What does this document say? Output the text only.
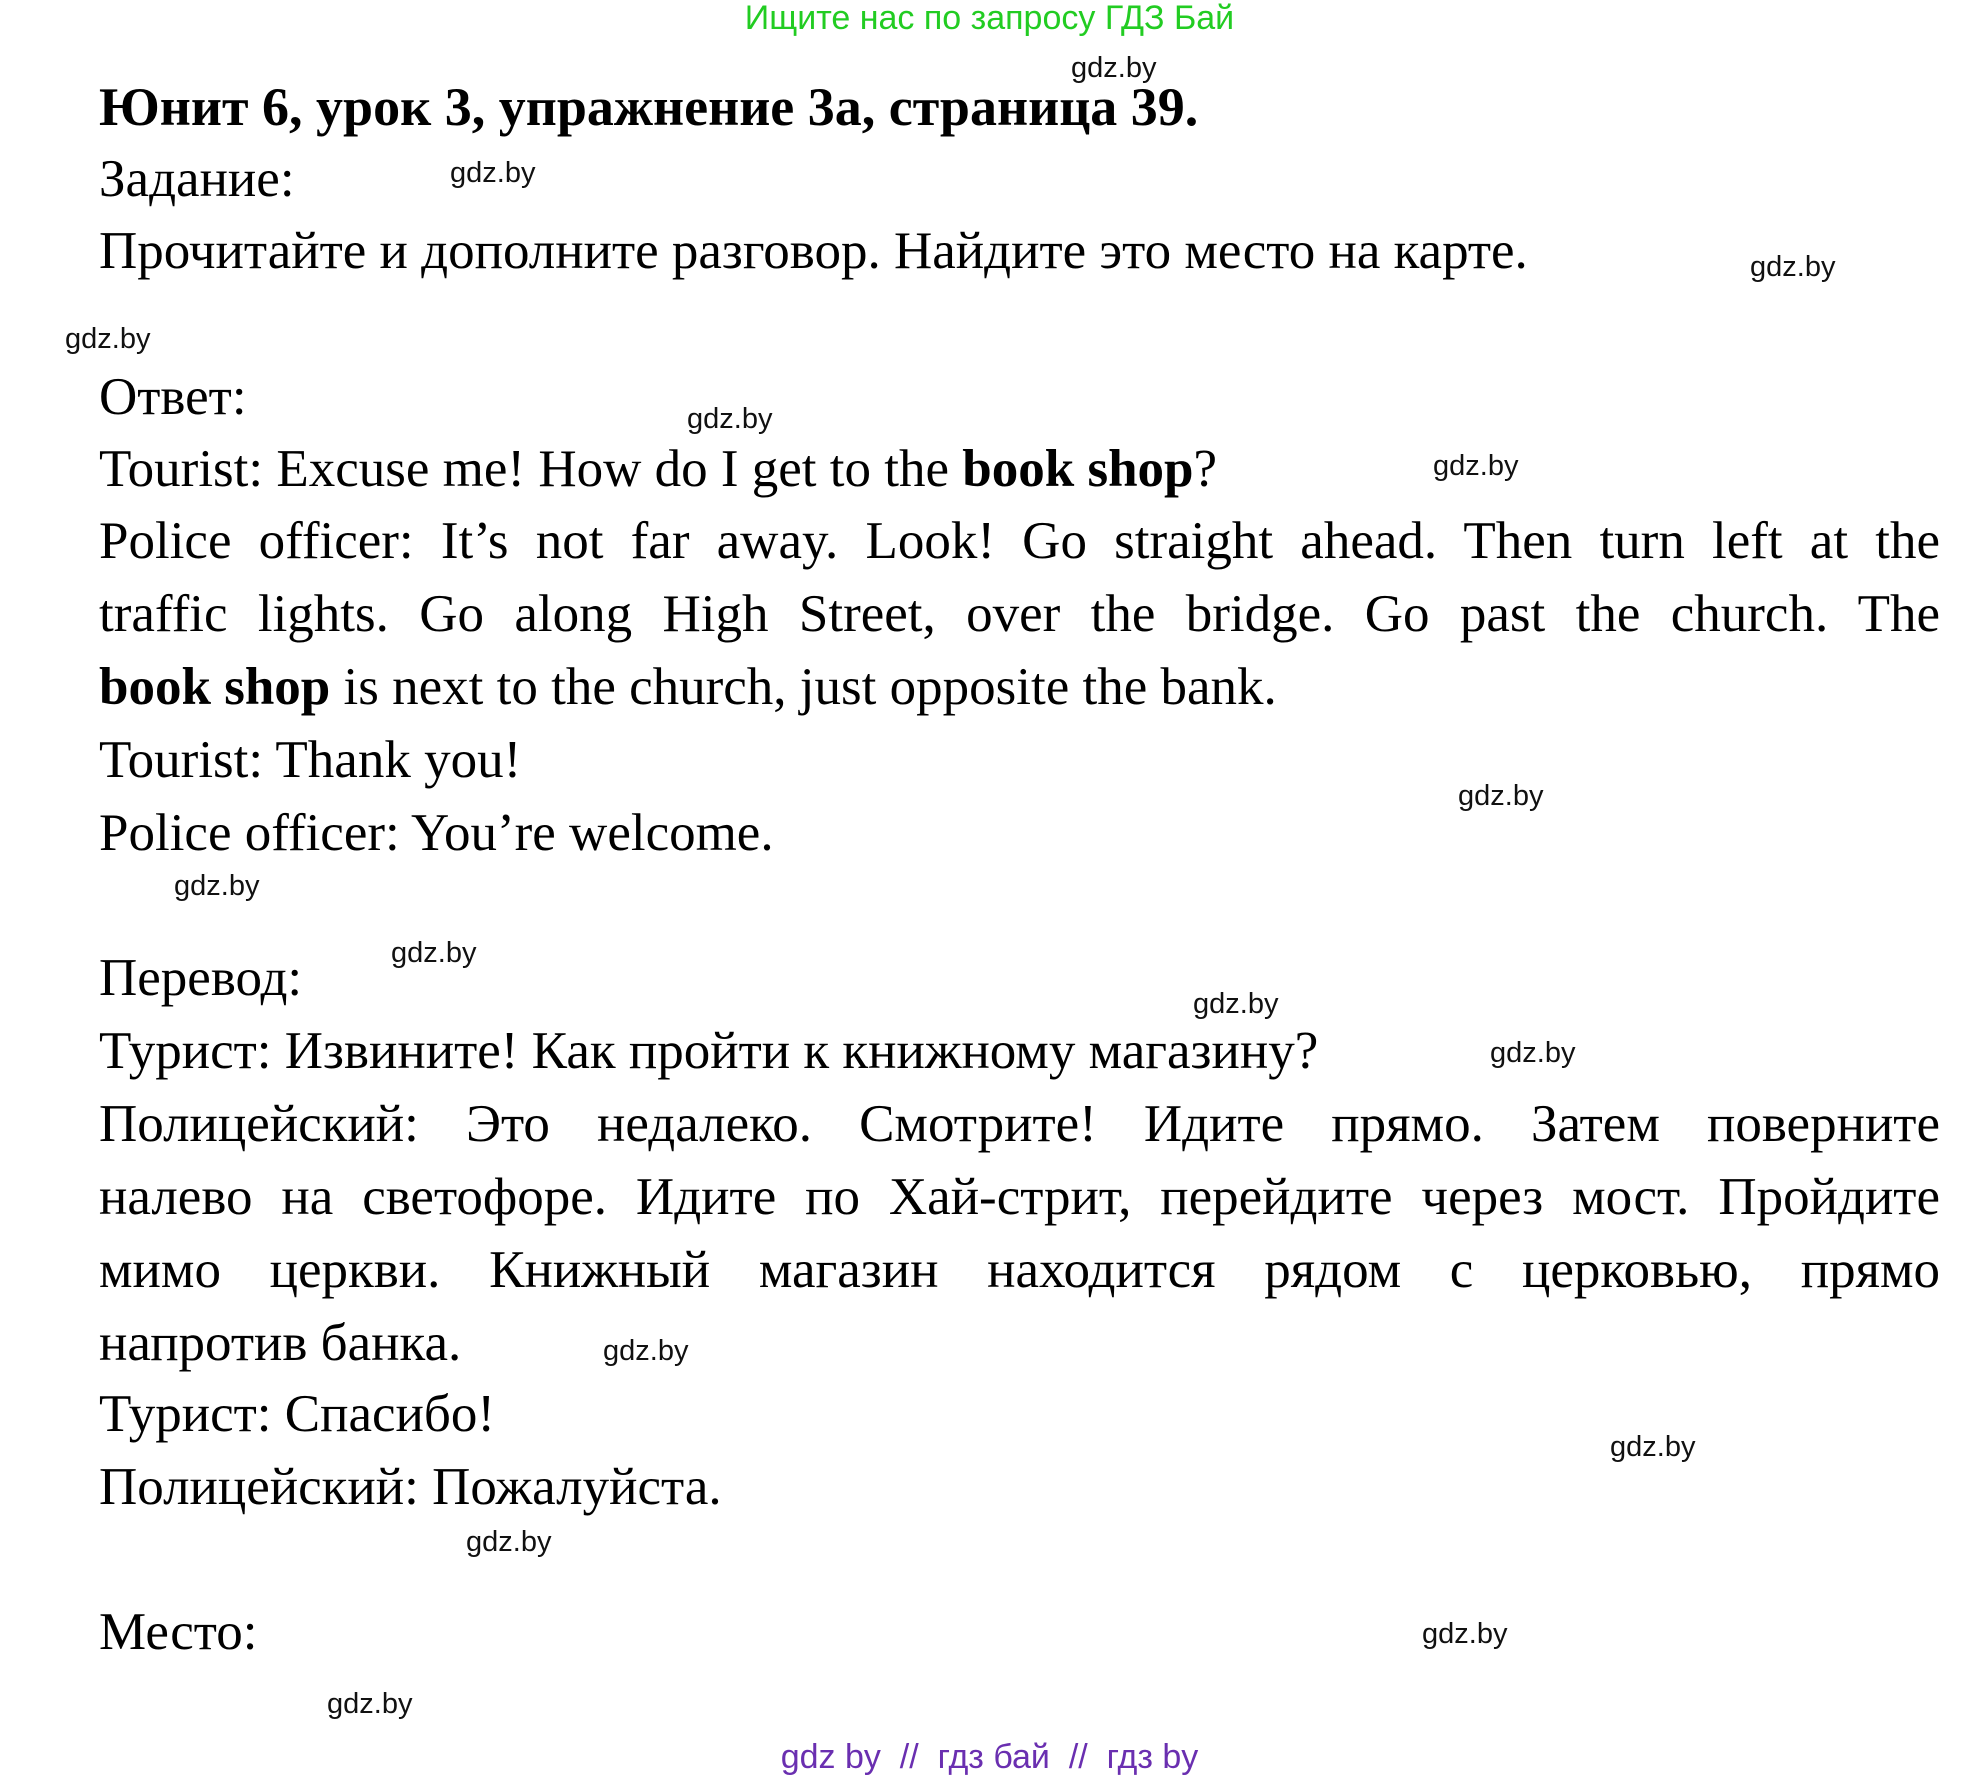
Ищите нас по запросу ГДЗ Бай
Юнит 6, урок 3, упражнение 3a, страница 39.
Задание:
Прочитайте и дополните разговор. Найдите это место на карте.
Ответ:
Tourist: Excuse me! How do I get to the book shop?
Police officer: It’s not far away. Look! Go straight ahead. Then turn left at the
traffic lights. Go along High Street, over the bridge. Go past the church. The
book shop is next to the church, just opposite the bank.
Tourist: Thank you!
Police officer: You’re welcome.
Перевод:
Турист: Извините! Как пройти к книжному магазину?
Полицейский: Это недалеко. Смотрите! Идите прямо. Затем поверните
налево на светофоре. Идите по Хай-стрит, перейдите через мост. Пройдите
мимо церкви. Книжный магазин находится рядом с церковью, прямо
напротив банка.
Турист: Спасибо!
Полицейский: Пожалуйста.
Место:
gdz.by
gdz.by
gdz.by
gdz.by
gdz.by
gdz.by
gdz.by
gdz.by
gdz.by
gdz.by
gdz.by
gdz.by
gdz.by
gdz.by
gdz.by
gdz.by
gdz by  //  гдз бай  //  гдз by
